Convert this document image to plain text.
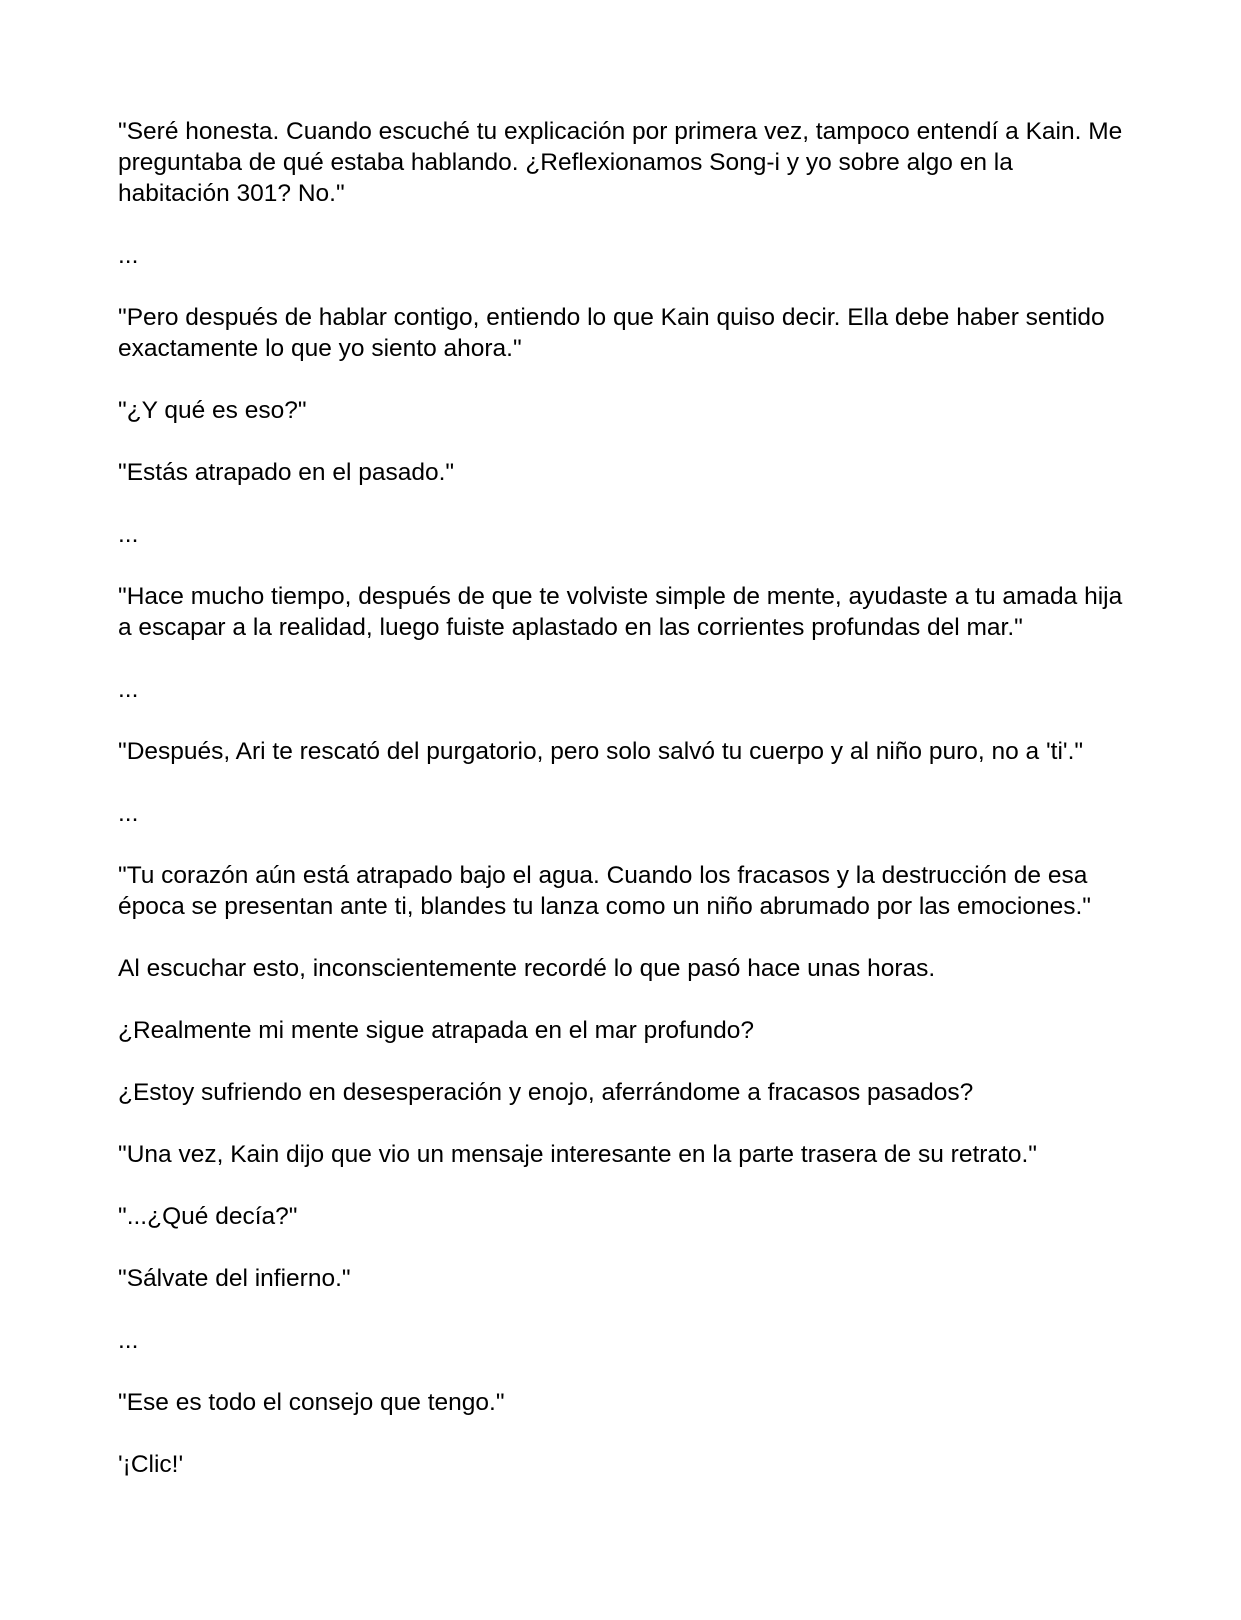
"Seré honesta. Cuando escuché tu explicación por primera vez, tampoco entendí a Kain. Me preguntaba de qué estaba hablando. ¿Reflexionamos Song-i y yo sobre algo en la habitación 301? No."

...

"Pero después de hablar contigo, entiendo lo que Kain quiso decir. Ella debe haber sentido exactamente lo que yo siento ahora."

"¿Y qué es eso?"

"Estás atrapado en el pasado."

...

"Hace mucho tiempo, después de que te volviste simple de mente, ayudaste a tu amada hija a escapar a la realidad, luego fuiste aplastado en las corrientes profundas del mar."

...

"Después, Ari te rescató del purgatorio, pero solo salvó tu cuerpo y al niño puro, no a 'ti'."

...

"Tu corazón aún está atrapado bajo el agua. Cuando los fracasos y la destrucción de esa época se presentan ante ti, blandes tu lanza como un niño abrumado por las emociones."

Al escuchar esto, inconscientemente recordé lo que pasó hace unas horas.

¿Realmente mi mente sigue atrapada en el mar profundo?

¿Estoy sufriendo en desesperación y enojo, aferrándome a fracasos pasados?

"Una vez, Kain dijo que vio un mensaje interesante en la parte trasera de su retrato."

"...¿Qué decía?"

"Sálvate del infierno."

...

"Ese es todo el consejo que tengo."

'¡Clic!'
